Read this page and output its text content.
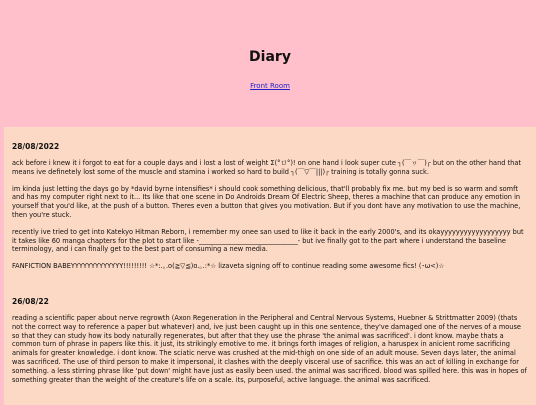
Diary
Front Room
28/08/2022

ack before i knew it i forgot to eat for a couple days and i lost a lost of weight Σ(°ロ°)! on one hand i look super cute ┐(￣ヮ￣)┌ but on the other hand that means ive definetely lost some of the muscle and stamina i worked so hard to build ┐(￣▽￣|||)┌ training is totally gonna suck.

im kinda just letting the days go by *david byrne intensifies* i should cook something delicious, that'll probably fix me. but my bed is so warm and somft and has my computer right next to it... Its like that one scene in Do Androids Dream Of Electric Sheep, theres a machine that can produce any emotion in yourself that you'd like, at the push of a button. Theres even a button that gives you motivation. But if you dont have any motivation to use the machine, then you're stuck.

recently ive tried to get into Katekyo Hitman Reborn, i remember my onee san used to like it back in the early 2000's, and its okayyyyyyyyyyyyyyyyyy but it takes like 60 manga chapters for the plot to start like -______________________________- but ive finally got to the part where i understand the baseline terminology, and i can finally get to the best part of consuming a new media.

FANFICTION BABEYYYYYYYYYYYYY!!!!!!!!! ☆*:.｡.o(≧▽≦)o.｡.:*☆ lizaveta signing off to continue reading some awesome fics! (･ω<)☆

26/08/22

reading a scientific paper about nerve regrowth (Axon Regeneration in the Peripheral and Central Nervous Systems, Huebner & Strittmatter 2009) (thats not the correct way to reference a paper but whatever) and, ive just been caught up in this one sentence, they've damaged one of the nerves of a mouse so that they can study how its body naturally regenerates, but after that they use the phrase 'the animal was sacrificed'. i dont know. maybe thats a common turn of phrase in papers like this. it just, its strikingly emotive to me. it brings forth images of religion, a haruspex in anicient rome sacrificing animals for greater knowledge. i dont know. The sciatic nerve was crushed at the mid-thigh on one side of an adult mouse. Seven days later, the animal was sacrificed. The use of third person to make it impersonal, it clashes with the deeply visceral use of sacrifice. this was an act of killing in exchange for something. a less stirring phrase like 'put down' might have just as easily been used. the animal was sacrificed. blood was spilled here. this was in hopes of something greater than the weight of the creature's life on a scale. its, purposeful, active language. the animal was sacrificed.
